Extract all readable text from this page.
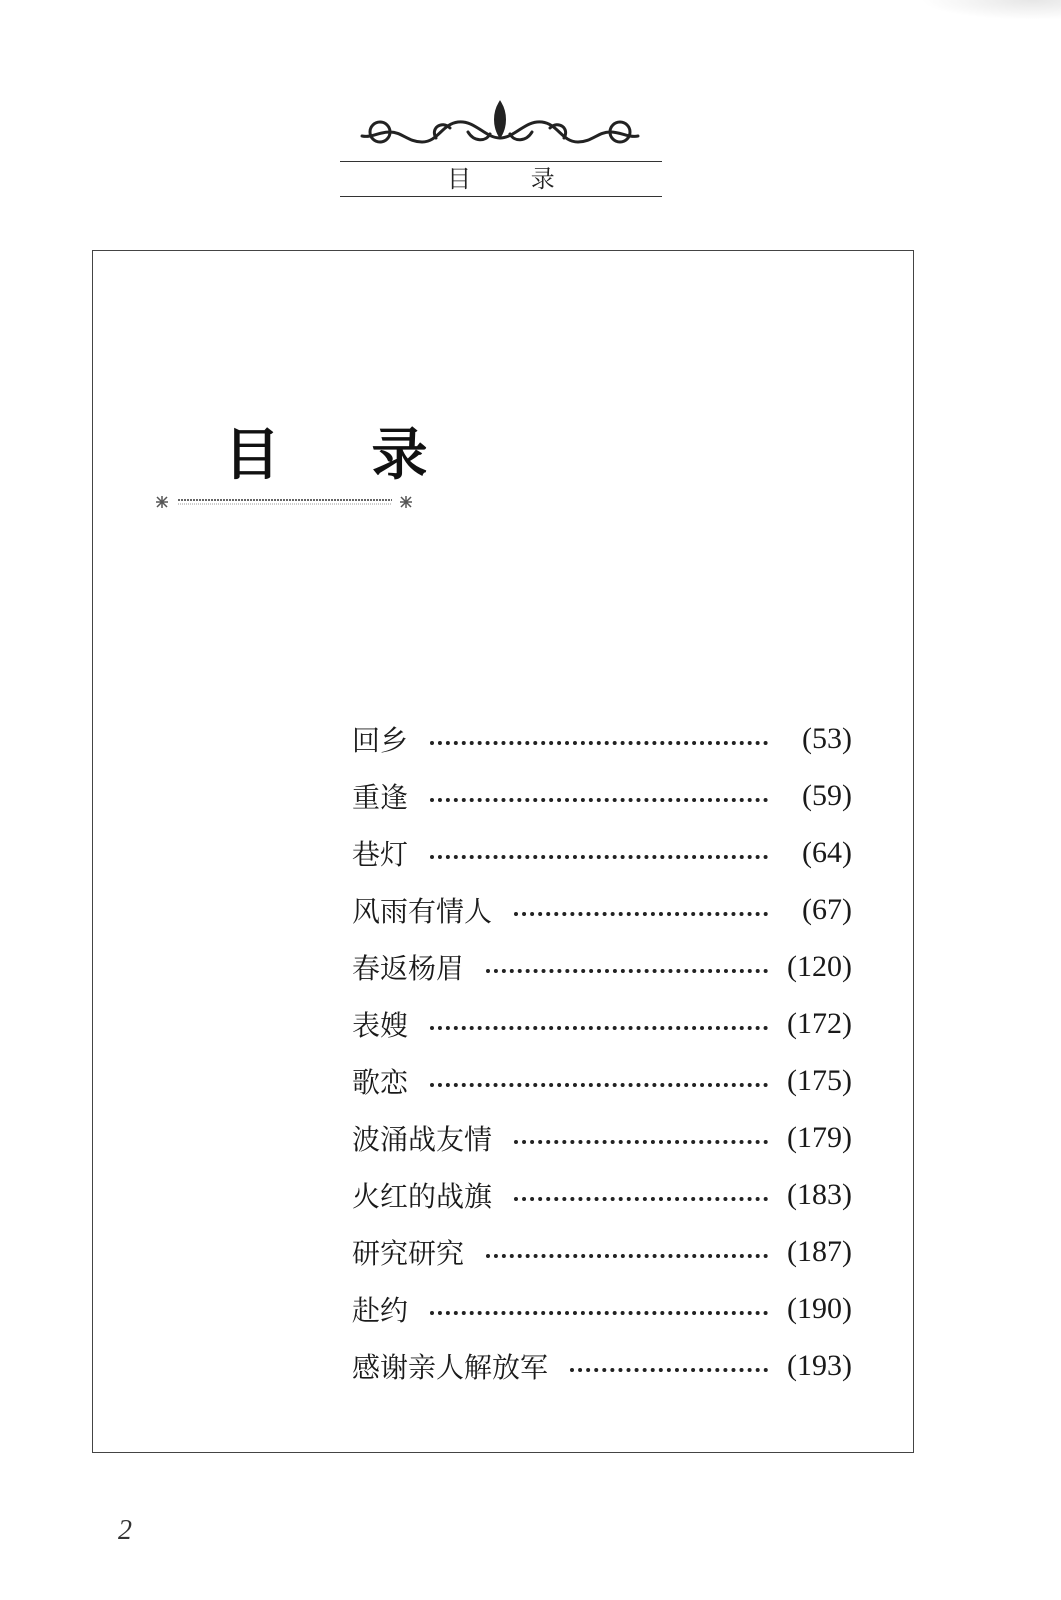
目 录
目 录
回乡	(53)
重逢	(59)
巷灯	(64)
风雨有情人	(67)
春返杨眉	(120)
表嫂	(172)
歌恋	(175)
波涌战友情	(179)
火红的战旗	(183)
研究研究	(187)
赴约	(190)
感谢亲人解放军	(193)
2
